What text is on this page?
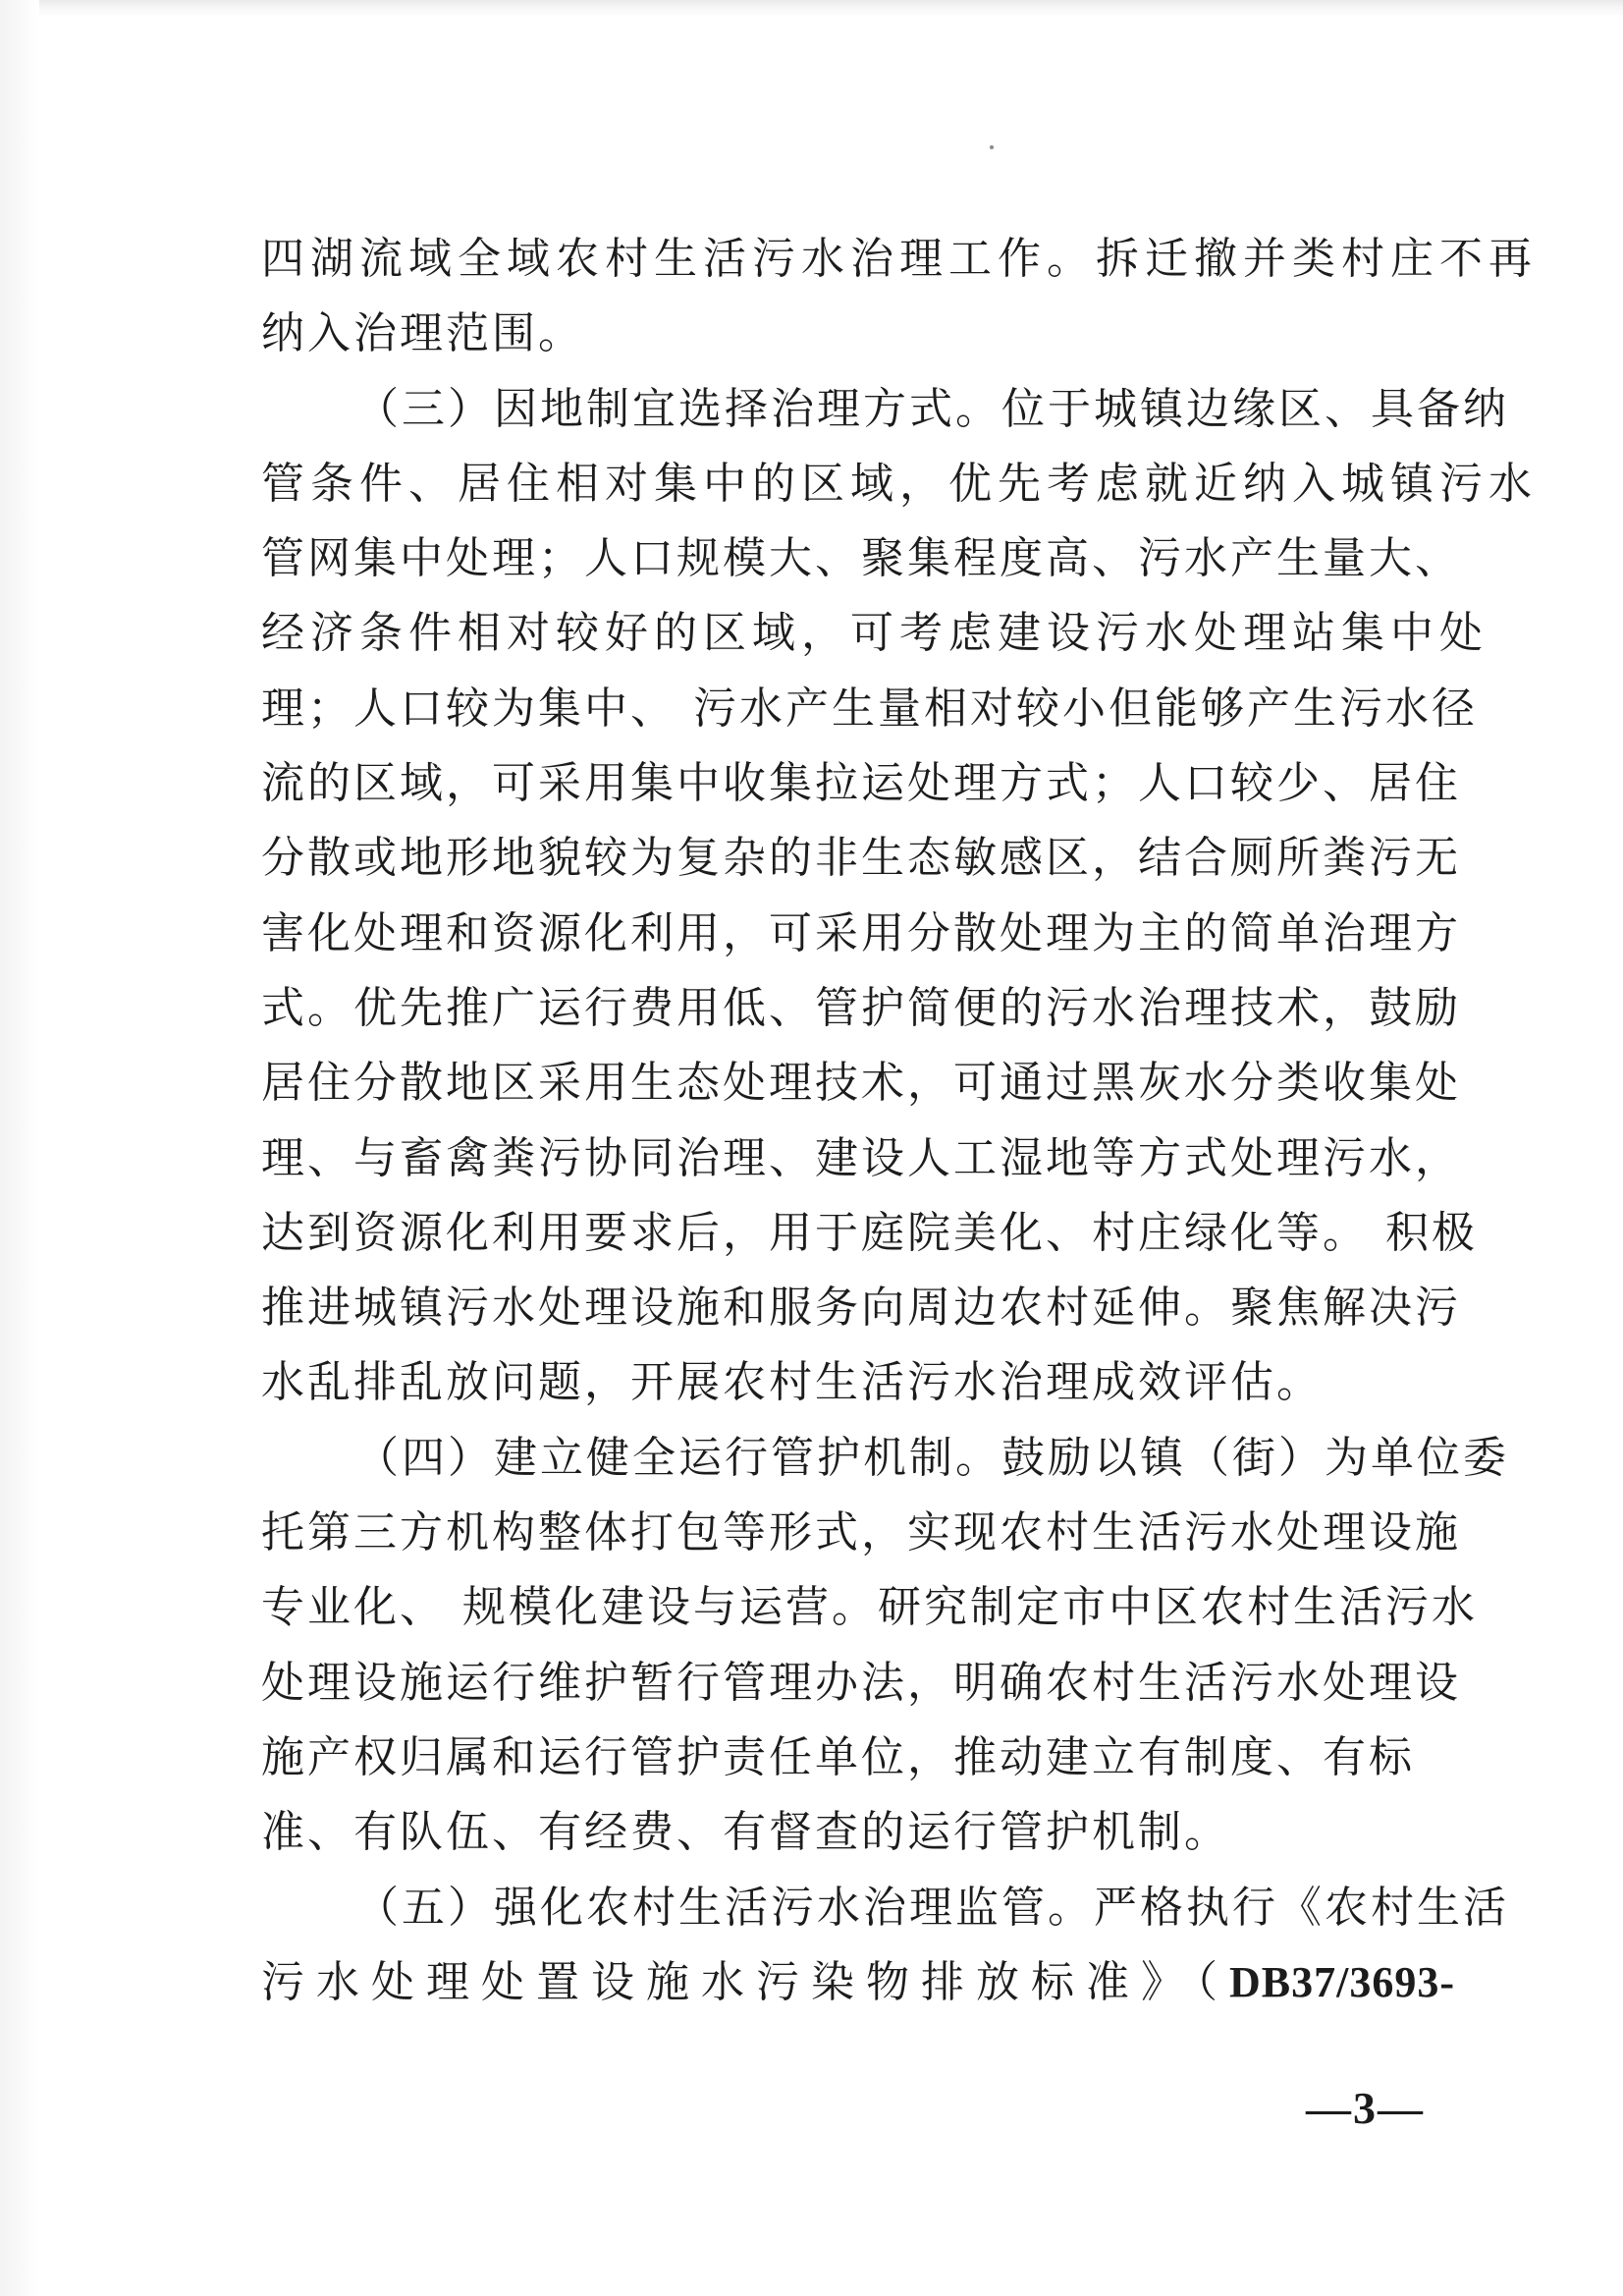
四湖流域全域农村生活污水治理工作。拆迁撤并类村庄不再
纳入治理范围。
（三）因地制宜选择治理方式。位于城镇边缘区、具备纳
管条件、居住相对集中的区域，优先考虑就近纳入城镇污水
管网集中处理；人口规模大、聚集程度高、污水产生量大、
经济条件相对较好的区域，可考虑建设污水处理站集中处
理；人口较为集中、 污水产生量相对较小但能够产生污水径
流的区域，可采用集中收集拉运处理方式；人口较少、居住
分散或地形地貌较为复杂的非生态敏感区，结合厕所粪污无
害化处理和资源化利用，可采用分散处理为主的简单治理方
式。优先推广运行费用低、管护简便的污水治理技术，鼓励
居住分散地区采用生态处理技术，可通过黑灰水分类收集处
理、与畜禽粪污协同治理、建设人工湿地等方式处理污水，
达到资源化利用要求后，用于庭院美化、村庄绿化等。 积极
推进城镇污水处理设施和服务向周边农村延伸。聚焦解决污
水乱排乱放问题，开展农村生活污水治理成效评估。
（四）建立健全运行管护机制。鼓励以镇（街）为单位委
托第三方机构整体打包等形式，实现农村生活污水处理设施
专业化、 规模化建设与运营。研究制定市中区农村生活污水
处理设施运行维护暂行管理办法，明确农村生活污水处理设
施产权归属和运行管护责任单位，推动建立有制度、有标
准、有队伍、有经费、有督查的运行管护机制。
（五）强化农村生活污水治理监管。严格执行《农村生活
污水处理处置设施水污染物排放标准》（DB37/3693-
—3—
